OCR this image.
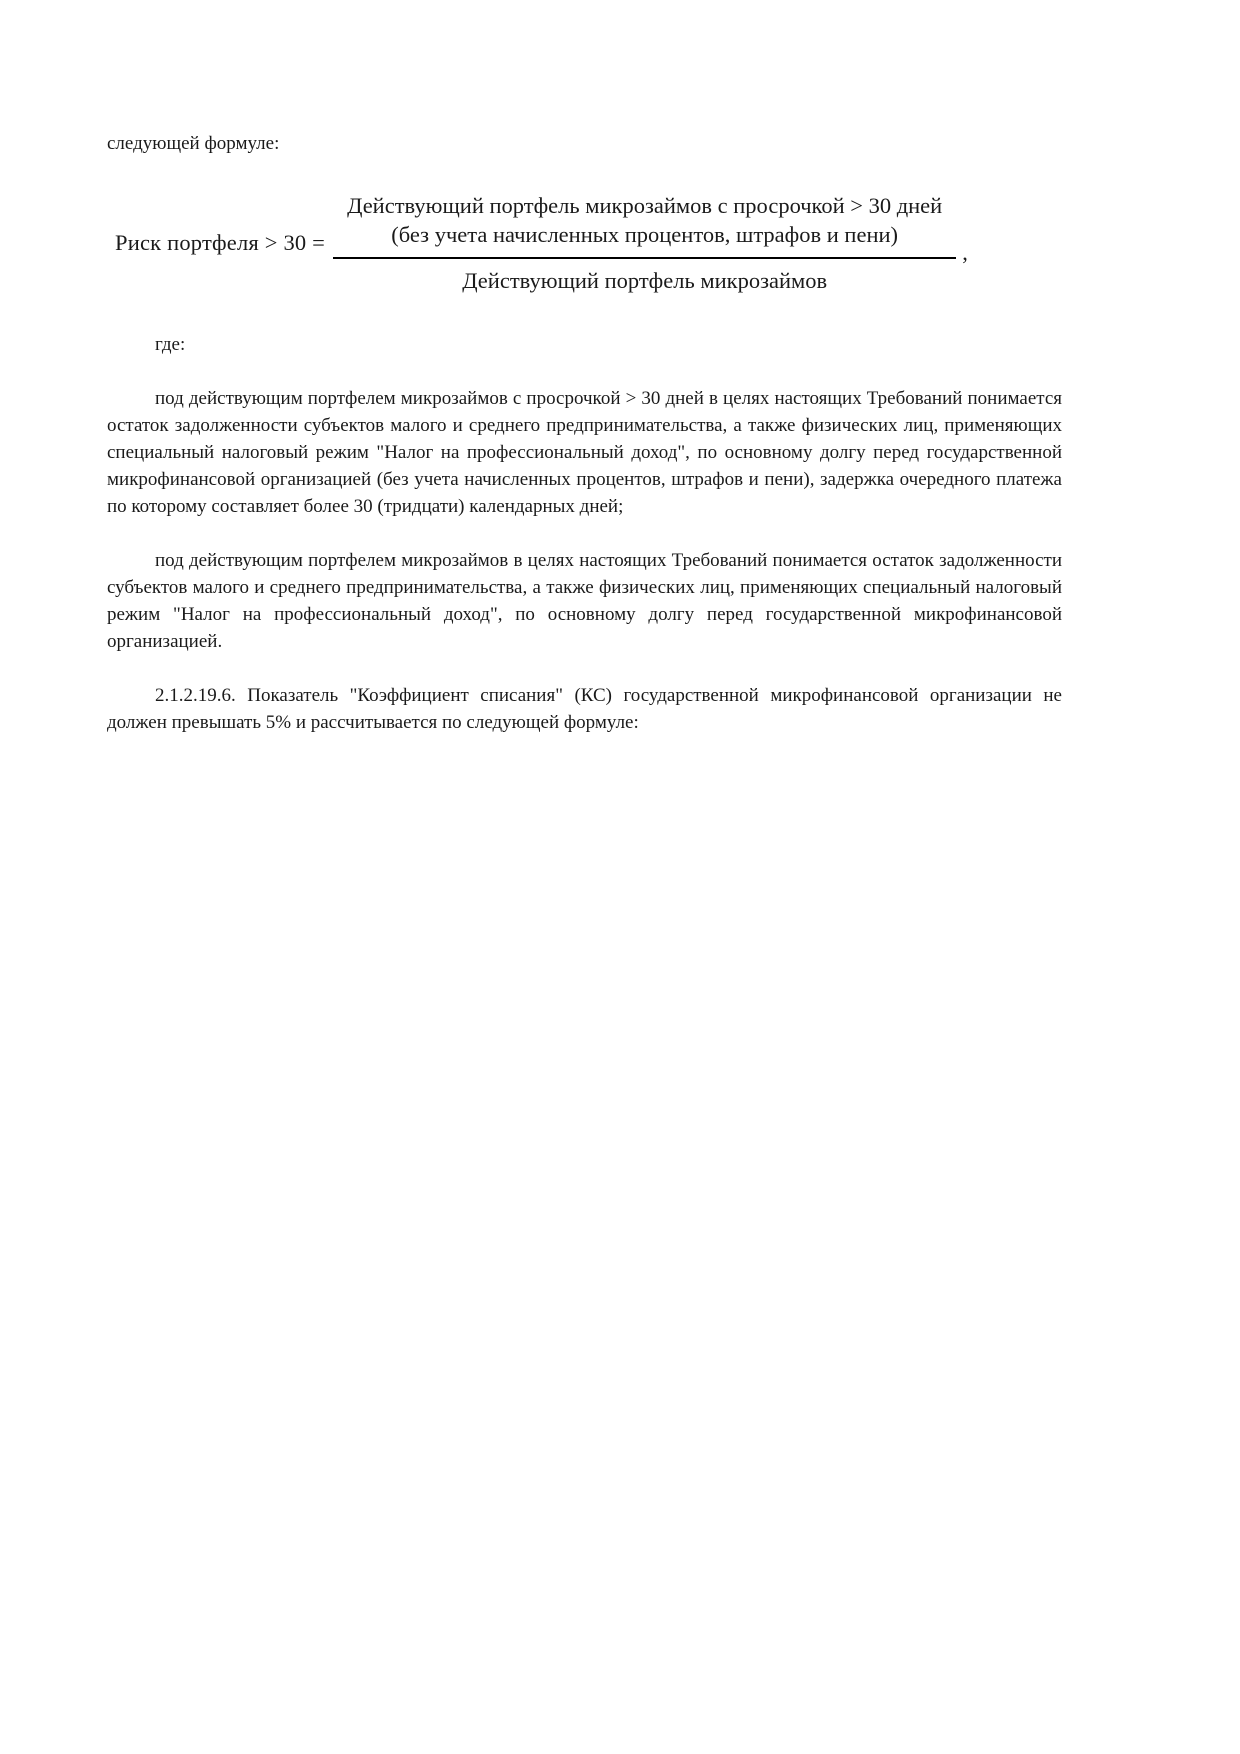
следующей формуле:
Риск портфеля > 30 =
Действующий портфель микрозаймов с просрочкой > 30 дней
(без учета начисленных процентов, штрафов и пени)
Действующий портфель микрозаймов
,
где:

под действующим портфелем микрозаймов с просрочкой > 30 дней в целях настоящих Требований понимается остаток задолженности субъектов малого и среднего предпринимательства, а также физических лиц, применяющих специальный налоговый режим "Налог на профессиональный доход", по основному долгу перед государственной микрофинансовой организацией (без учета начисленных процентов, штрафов и пени), задержка очередного платежа по которому составляет более 30 (тридцати) календарных дней;

под действующим портфелем микрозаймов в целях настоящих Требований понимается остаток задолженности субъектов малого и среднего предпринимательства, а также физических лиц, применяющих специальный налоговый режим "Налог на профессиональный доход", по основному долгу перед государственной микрофинансовой организацией.

2.1.2.19.6. Показатель "Коэффициент списания" (КС) государственной микрофинансовой организации не должен превышать 5% и рассчитывается по следующей формуле:
